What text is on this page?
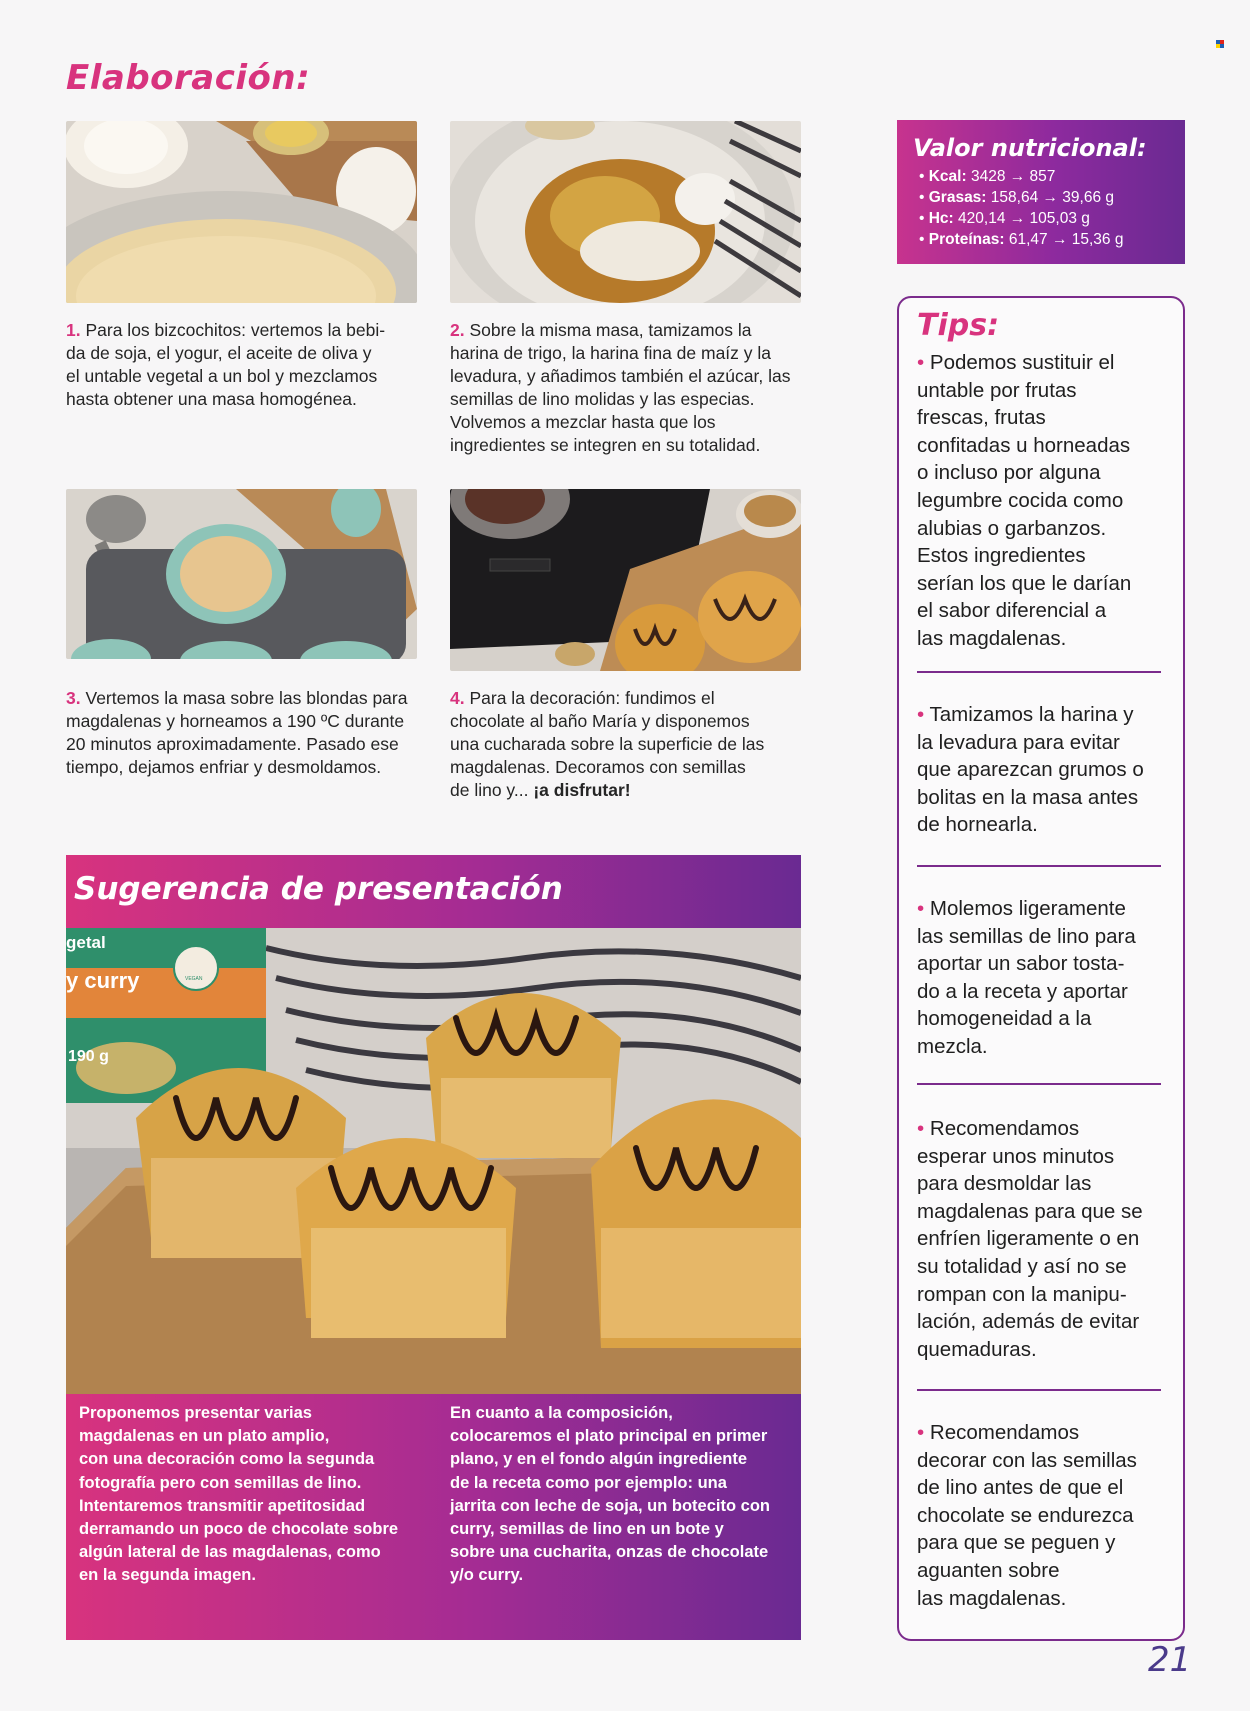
Elaboración:
1. Para los bizcochitos: vertemos la bebi-
da de soja, el yogur, el aceite de oliva y
el untable vegetal a un bol y mezclamos
hasta obtener una masa homogénea.
2. Sobre la misma masa, tamizamos la
harina de trigo, la harina fina de maíz y la
levadura, y añadimos también el azúcar, las
semillas de lino molidas y las especias.
Volvemos a mezclar hasta que los
ingredientes se integren en su totalidad.
3. Vertemos la masa sobre las blondas para
magdalenas y horneamos a 190 ºC durante
20 minutos aproximadamente. Pasado ese
tiempo, dejamos enfriar y desmoldamos.
4. Para la decoración: fundimos el
chocolate al baño María y disponemos
una cucharada sobre la superficie de las
magdalenas. Decoramos con semillas
de lino y... ¡a disfrutar!
Valor nutricional:
• Kcal: 3428 → 857
• Grasas: 158,64 → 39,66 g
• Hc: 420,14 → 105,03 g
• Proteínas: 61,47 → 15,36 g
Tips:
• Podemos sustituir el
untable por frutas
frescas, frutas
confitadas u horneadas
o incluso por alguna
legumbre cocida como
alubias o garbanzos.
Estos ingredientes
serían los que le darían
el sabor diferencial a
las magdalenas.
• Tamizamos la harina y
la levadura para evitar
que aparezcan grumos o
bolitas en la masa antes
de hornearla.
• Molemos ligeramente
las semillas de lino para
aportar un sabor tosta-
do a la receta y aportar
homogeneidad a la
mezcla.
• Recomendamos
esperar unos minutos
para desmoldar las
magdalenas para que se
enfríen ligeramente o en
su totalidad y así no se
rompan con la manipu-
lación, además de evitar
quemaduras.
• Recomendamos
decorar con las semillas
de lino antes de que el
chocolate se endurezca
para que se peguen y
aguanten sobre
las magdalenas.
Sugerencia de presentación
getal
y curry
190 g
VEGAN
Proponemos presentar varias
magdalenas en un plato amplio,
con una decoración como la segunda
fotografía pero con semillas de lino.
Intentaremos transmitir apetitosidad
derramando un poco de chocolate sobre
algún lateral de las magdalenas, como
en la segunda imagen.
En cuanto a la composición,
colocaremos el plato principal en primer
plano, y en el fondo algún ingrediente
de la receta como por ejemplo: una
jarrita con leche de soja, un botecito con
curry, semillas de lino en un bote y
sobre una cucharita, onzas de chocolate
y/o curry.
21
